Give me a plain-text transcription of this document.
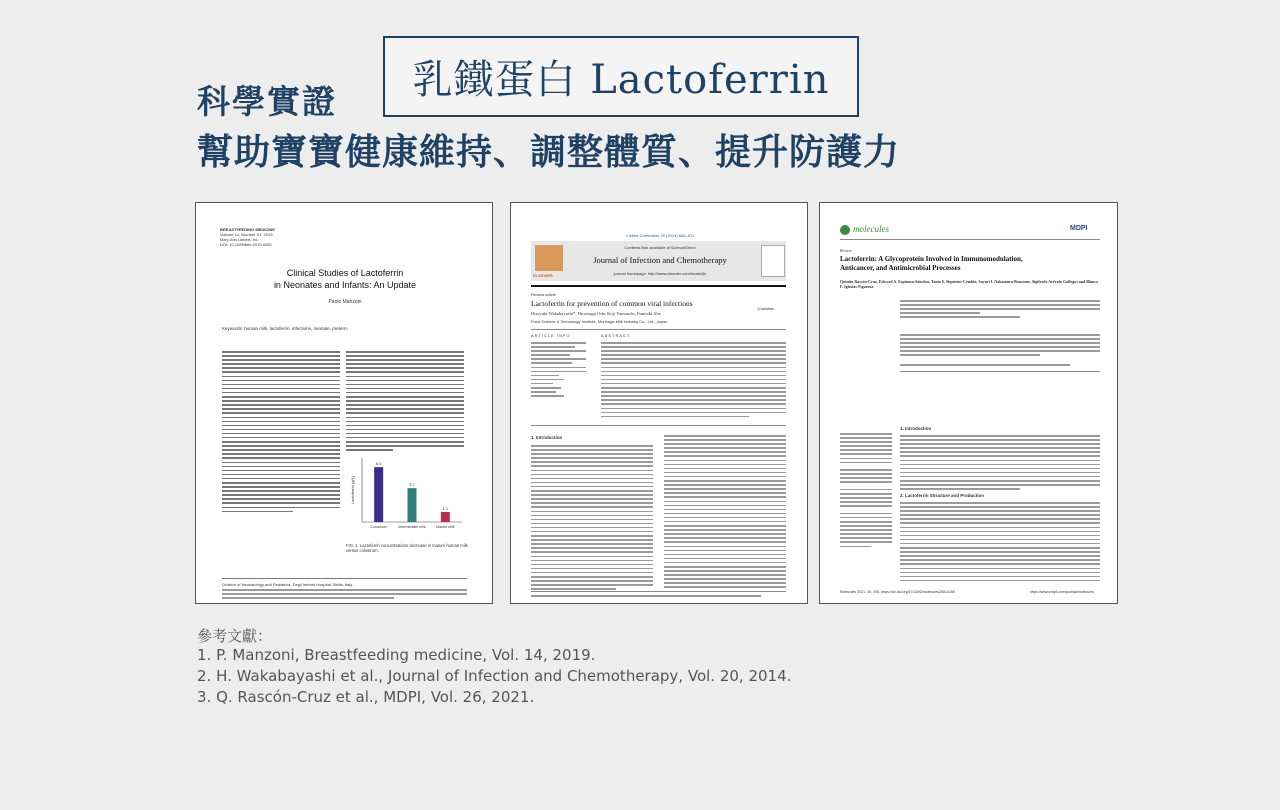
乳鐵蛋白 Lactoferrin
科學實證
幫助寶寶健康維持、調整體質、提升防護力
BREASTFEEDING MEDICINE
Volume 14, Number S1, 2019
Mary Ann Liebert, Inc.
DOI: 10.1089/bfm.2019.0055
Clinical Studies of Lactoferrin
in Neonates and Infants: An Update
Paolo Manzoni
Keywords: human milk, lactoferrin, infections, neonate, preterm
Lactoferrin (g/L)
6.0
Colostrum
3.7
Intermediate milk
1.1
Mature milk
FIG. 1. Lactoferrin concentrations decrease in mature human milk versus colostrum.
Division of Neonatology and Pediatrics, Degli Infermi Hospital, Biella, Italy.
J Infect Chemother 20 (2014) 666–671
ELSEVIER
Contents lists available at ScienceDirect
Journal of Infection and Chemotherapy
journal homepage: http://www.elsevier.com/locate/jic
Review article
Lactoferrin for prevention of common viral infections
Hiroyuki Wakabayashi*, Hirotsugu Oda, Koji Yamauchi, Fumiaki Abe
Food Science & Technology Institute, Morinaga Milk Industry Co., Ltd., Japan
CrossMark
ARTICLE INFO	ABSTRACT
1. Introduction
molecules	MDPI
Review
Lactoferrin: A Glycoprotein Involved in Immunomodulation,
Anticancer, and Antimicrobial Processes
Quintín Rascón-Cruz, Edward A. Espinoza-Sánchez, Tania S. Siqueiros-Cendón, Sayuri I. Nakamura-Bencomo, Sigifredo Arévalo-Gallegos and Blanca F. Iglesias-Figueroa
1. Introduction
2. Lactoferrin Structure and Production
Molecules 2021, 26, 205. https://dx.doi.org/10.3390/molecules26010205	https://www.mdpi.com/journal/molecules
參考文獻：
1. P. Manzoni, Breastfeeding medicine, Vol. 14, 2019.
2. H. Wakabayashi et al., Journal of Infection and Chemotherapy, Vol. 20, 2014.
3. Q. Rascón-Cruz et al., MDPI, Vol. 26, 2021.
